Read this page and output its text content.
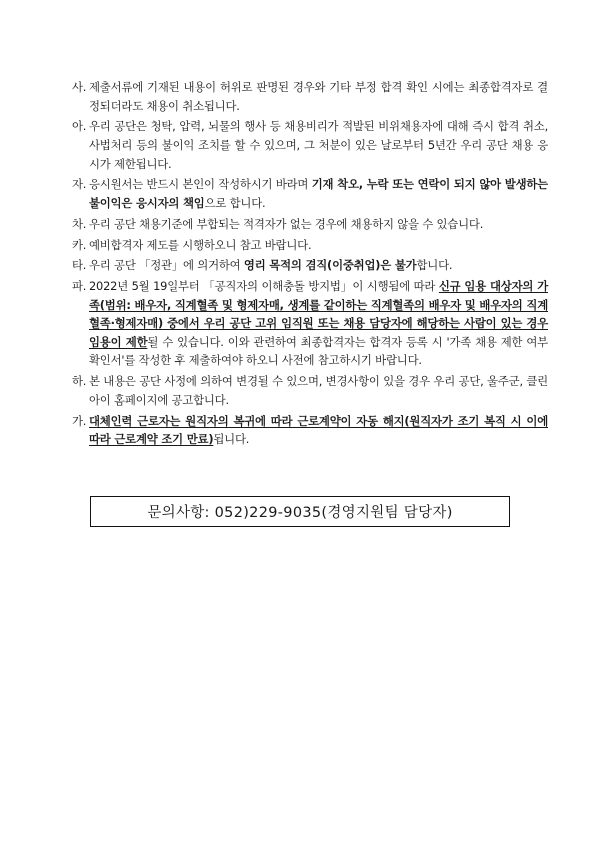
사. 제출서류에 기재된 내용이 허위로 판명된 경우와 기타 부정 합격 확인 시에는 최종합격자로 결정되더라도 채용이 취소됩니다.
아. 우리 공단은 청탁, 압력, 뇌물의 행사 등 채용비리가 적발된 비위채용자에 대해 즉시 합격 취소, 사법처리 등의 불이익 조치를 할 수 있으며, 그 처분이 있은 날로부터 5년간 우리 공단 채용 응시가 제한됩니다.
자. 응시원서는 반드시 본인이 작성하시기 바라며 기재 착오, 누락 또는 연락이 되지 않아 발생하는 불이익은 응시자의 책임으로 합니다.
차. 우리 공단 채용기준에 부합되는 적격자가 없는 경우에 채용하지 않을 수 있습니다.
카. 예비합격자 제도를 시행하오니 참고 바랍니다.
타. 우리 공단 「정관」에 의거하여 영리 목적의 겸직(이중취업)은 불가합니다.
파. 2022년 5월 19일부터 「공직자의 이해충돌 방지법」이 시행됨에 따라 신규 임용 대상자의 가족(범위: 배우자, 직계혈족 및 형제자매, 생계를 같이하는 직계혈족의 배우자 및 배우자의 직계혈족·형제자매) 중에서 우리 공단 고위 임직원 또는 채용 담당자에 해당하는 사람이 있는 경우 임용이 제한될 수 있습니다. 이와 관련하여 최종합격자는 합격자 등록 시 '가족 채용 제한 여부 확인서'를 작성한 후 제출하여야 하오니 사전에 참고하시기 바랍니다.
하. 본 내용은 공단 사정에 의하여 변경될 수 있으며, 변경사항이 있을 경우 우리 공단, 울주군, 클린아이 홈페이지에 공고합니다.
가. 대체인력 근로자는 원직자의 복귀에 따라 근로계약이 자동 해지(원직자가 조기 복직 시 이에 따라 근로계약 조기 만료)됩니다.
문의사항: 052)229-9035(경영지원팀 담당자)
